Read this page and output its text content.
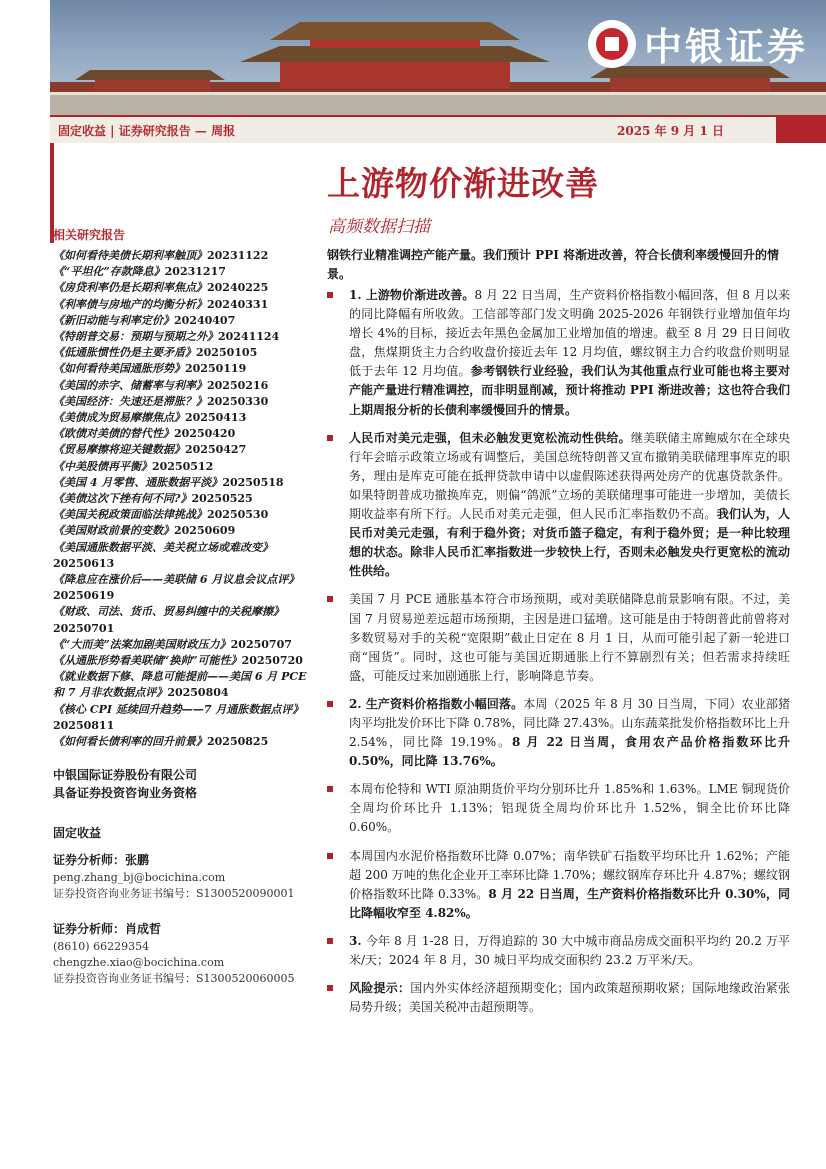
中银证券
固定收益 | 证券研究报告 — 周报	2025 年 9 月 1 日
上游物价渐进改善
高频数据扫描
钢铁行业精准调控产能产量。我们预计 PPI 将渐进改善，符合长债利率缓慢回升的情景。
相关研究报告
《如何看待美债长期利率触顶》20231122
《“平坦化”存款降息》20231217
《房贷利率仍是长期利率焦点》20240225
《利率债与房地产的均衡分析》20240331
《新旧动能与利率定价》20240407
《特朗普交易：预期与预期之外》20241124
《低通胀惯性仍是主要矛盾》20250105
《如何看待美国通胀形势》20250119
《美国的赤字、储蓄率与利率》20250216
《美国经济：失速还是滞胀？》20250330
《美债成为贸易摩擦焦点》20250413
《欧债对美债的替代性》20250420
《贸易摩擦将迎关键数据》20250427
《中美股债再平衡》20250512
《美国 4 月零售、通胀数据平淡》20250518
《美债这次下挫有何不同?》20250525
《美国关税政策面临法律挑战》20250530
《美国财政前景的变数》20250609
《美国通胀数据平淡、美关税立场或难改变》20250613
《降息应在涨价后——美联储 6 月议息会议点评》20250619
《财政、司法、货币、贸易纠缠中的关税摩擦》20250701
《“大而美”法案加剧美国财政压力》20250707
《从通胀形势看美联储“换帅”可能性》20250720
《就业数据下修、降息可能提前——美国 6 月 PCE 和 7 月非农数据点评》20250804
《核心 CPI 延续回升趋势——7 月通胀数据点评》20250811
《如何看长债利率的回升前景》20250825
中银国际证券股份有限公司
具备证券投资咨询业务资格
固定收益
证券分析师：张鹏
peng.zhang_bj@bocichina.com
证券投资咨询业务证书编号：S1300520090001
证券分析师：肖成哲
(8610) 66229354
chengzhe.xiao@bocichina.com
证券投资咨询业务证书编号：S1300520060005
1. 上游物价渐进改善。8 月 22 日当周，生产资料价格指数小幅回落，但 8 月以来的同比降幅有所收敛。工信部等部门发文明确 2025-2026 年钢铁行业增加值年均增长 4%的目标，接近去年黑色金属加工业增加值的增速。截至 8 月 29 日日间收盘，焦煤期货主力合约收盘价接近去年 12 月均值，螺纹钢主力合约收盘价则明显低于去年 12 月均值。参考钢铁行业经验，我们认为其他重点行业可能也将主要对产能产量进行精准调控，而非明显削减，预计将推动 PPI 渐进改善；这也符合我们上期周报分析的长债利率缓慢回升的情景。
人民币对美元走强，但未必触发更宽松流动性供给。继美联储主席鲍威尔在全球央行年会暗示政策立场或有调整后，美国总统特朗普又宣布撤销美联储理事库克的职务，理由是库克可能在抵押贷款申请中以虚假陈述获得两处房产的优惠贷款条件。如果特朗普成功撤换库克，则偏“鸽派”立场的美联储理事可能进一步增加，美债长期收益率有所下行。人民币对美元走强，但人民币汇率指数仍不高。我们认为，人民币对美元走强，有利于稳外资；对货币篮子稳定，有利于稳外贸；是一种比较理想的状态。除非人民币汇率指数进一步较快上行，否则未必触发央行更宽松的流动性供给。
美国 7 月 PCE 通胀基本符合市场预期，或对美联储降息前景影响有限。不过，美国 7 月贸易逆差远超市场预期，主因是进口猛增。这可能是由于特朗普此前曾将对多数贸易对手的关税“宽限期”截止日定在 8 月 1 日，从而可能引起了新一轮进口商“囤货”。同时，这也可能与美国近期通胀上行不算剧烈有关；但若需求持续旺盛，可能反过来加剧通胀上行，影响降息节奏。
2. 生产资料价格指数小幅回落。本周（2025 年 8 月 30 日当周，下同）农业部猪肉平均批发价环比下降 0.78%，同比降 27.43%。山东蔬菜批发价格指数环比上升 2.54%，同比降 19.19%。8 月 22 日当周，食用农产品价格指数环比升 0.50%，同比降 13.76%。
本周布伦特和 WTI 原油期货价平均分别环比升 1.85%和 1.63%。LME 铜现货价全周均价环比升 1.13%；铝现货全周均价环比升 1.52%，铜全比价环比降 0.60%。
本周国内水泥价格指数环比降 0.07%；南华铁矿石指数平均环比升 1.62%；产能超 200 万吨的焦化企业开工率环比降 1.70%；螺纹钢库存环比升 4.87%；螺纹钢价格指数环比降 0.33%。8 月 22 日当周，生产资料价格指数环比升 0.30%，同比降幅收窄至 4.82%。
3. 今年 8 月 1-28 日，万得追踪的 30 大中城市商品房成交面积平均约 20.2 万平米/天；2024 年 8 月，30 城日平均成交面积约 23.2 万平米/天。
风险提示：国内外实体经济超预期变化；国内政策超预期收紧；国际地缘政治紧张局势升级；美国关税冲击超预期等。
